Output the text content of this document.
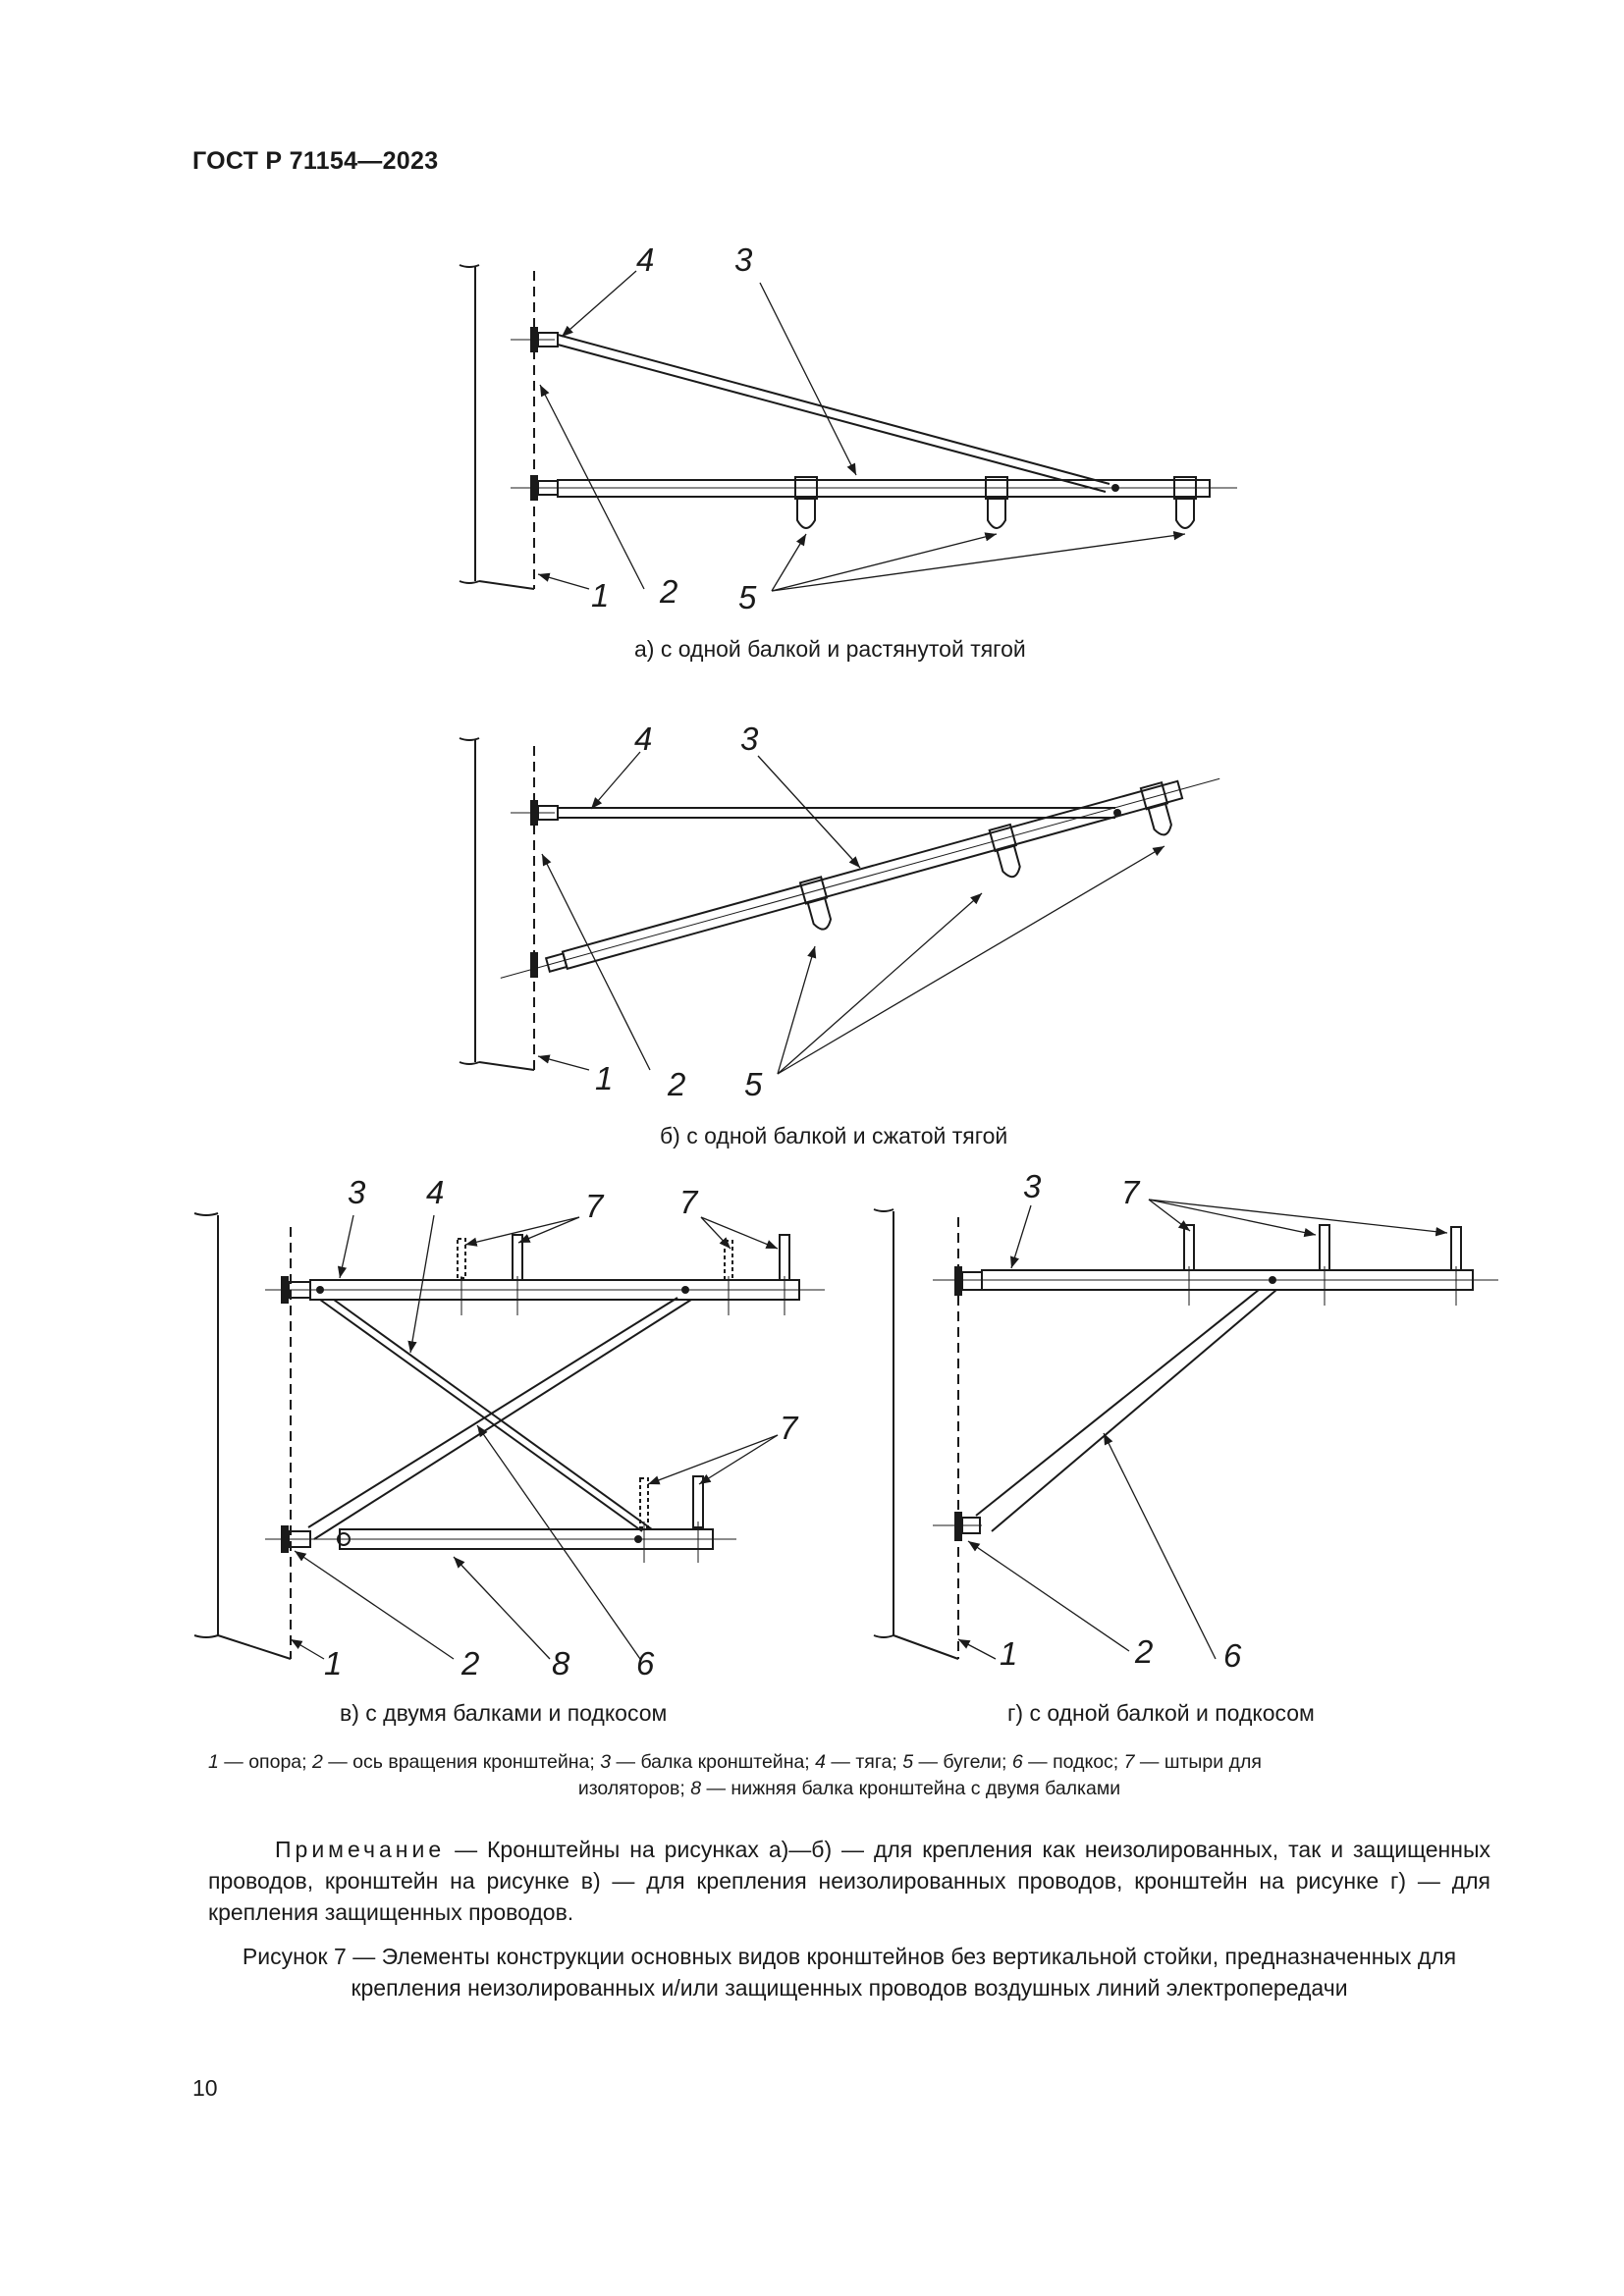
ГОСТ Р 71154—2023
4 3
1 2 5
а) с одной балкой и растянутой тягой
4	3
1 2 5
б) с одной балкой и сжатой тягой
3 4	7 7
7
1	2 8 6
в) с двумя балками и подкосом
3 7
1	2 6
г) с одной балкой и подкосом
1 — опора; 2 — ось вращения кронштейна; 3 — балка кронштейна; 4 — тяга; 5 — бугели; 6 — подкос; 7 — штыри для
изоляторов; 8 — нижняя балка кронштейна с двумя балками
Примечание — Кронштейны на рисунках а)—б) — для крепления как неизолированных, так и защищенных проводов, кронштейн на рисунке в) — для крепления неизолированных проводов, кронштейн на рисунке г) — для крепления защищенных проводов.
Рисунок 7 — Элементы конструкции основных видов кронштейнов без вертикальной стойки, предназначенных для крепления неизолированных и/или защищенных проводов воздушных линий электропередачи
10
